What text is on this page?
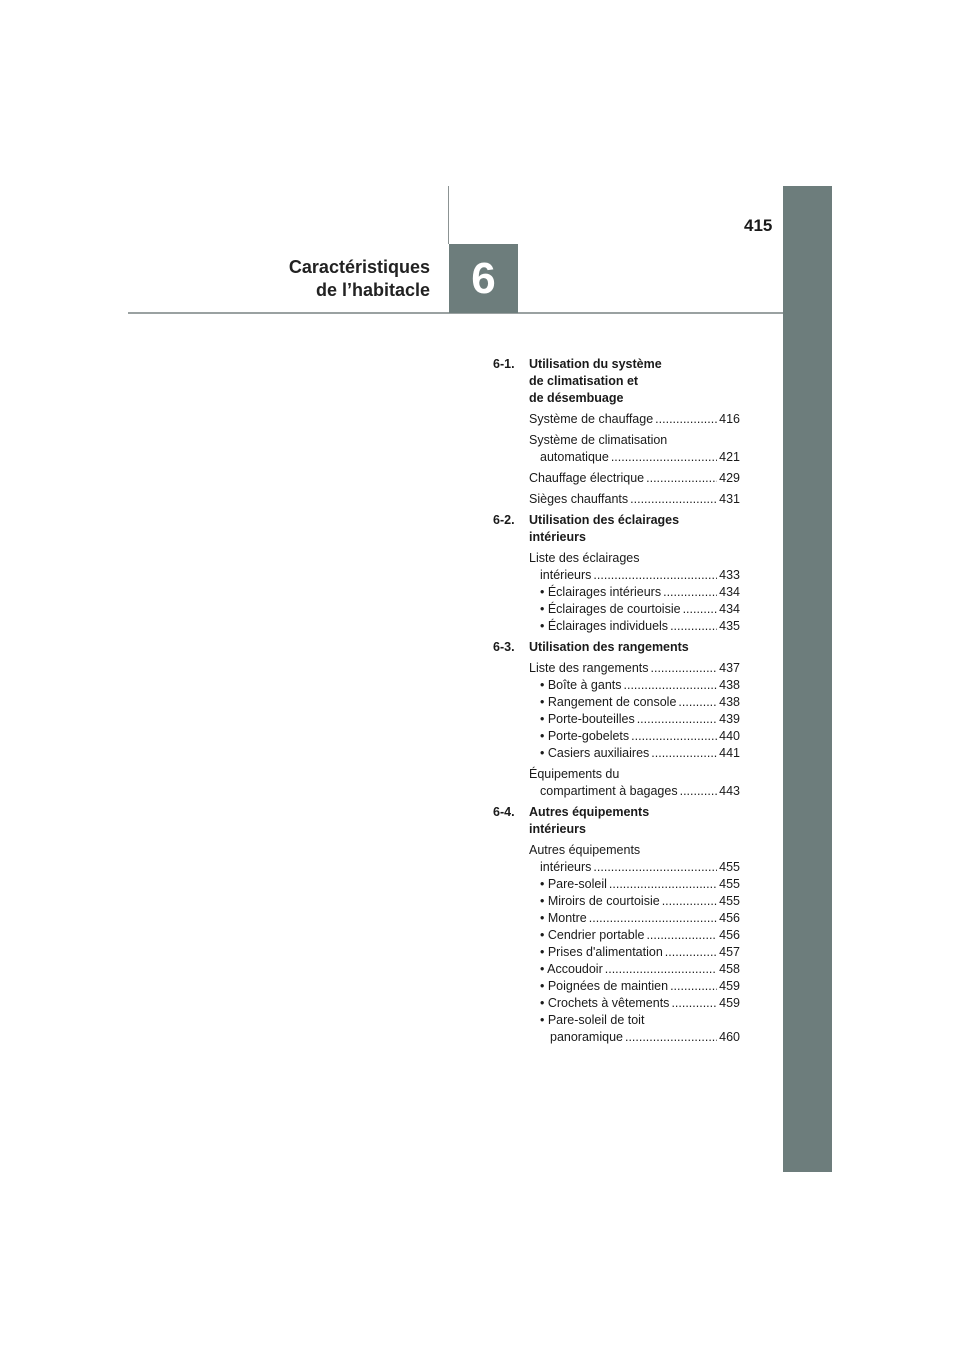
6
415
Caractéristiques
de l’habitacle
6-1.	Utilisation du système
de climatisation et
de désembuage
Système de chauffage .....	416
Système de climatisation
automatique .....	421
Chauffage électrique .....	429
Sièges chauffants .....	431
6-2.	Utilisation des éclairages
intérieurs
Liste des éclairages
intérieurs .....	433
• Éclairages intérieurs .....	434
• Éclairages de courtoisie .....	434
• Éclairages individuels .....	435
6-3.	Utilisation des rangements
Liste des rangements .....	437
• Boîte à gants .....	438
• Rangement de console .....	438
• Porte-bouteilles .....	439
• Porte-gobelets .....	440
• Casiers auxiliaires .....	441
Équipements du
compartiment à bagages .....	443
6-4.	Autres équipements
intérieurs
Autres équipements
intérieurs .....	455
• Pare-soleil .....	455
• Miroirs de courtoisie .....	455
• Montre .....	456
• Cendrier portable .....	456
• Prises d'alimentation .....	457
• Accoudoir .....	458
• Poignées de maintien .....	459
• Crochets à vêtements .....	459
• Pare-soleil de toit
panoramique .....	460
